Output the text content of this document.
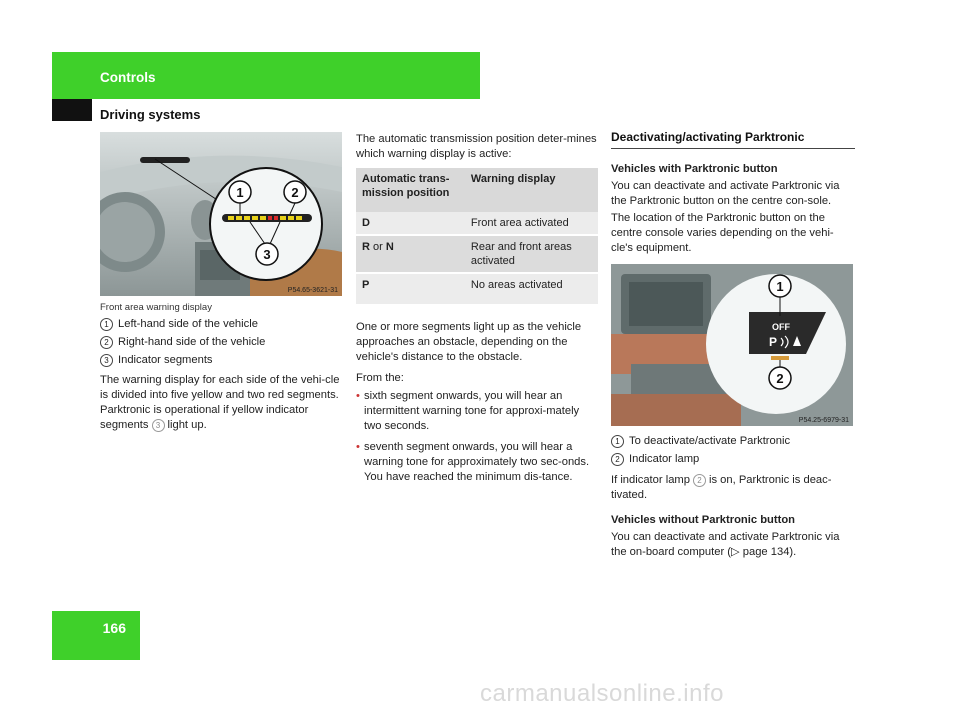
Controls
Driving systems
1	2
3
P54.65-3621-31
Front area warning display
1 Left-hand side of the vehicle
2 Right-hand side of the vehicle
3 Indicator segments
The warning display for each side of the vehi-cle is divided into five yellow and two red segments. Parktronic is operational if yellow indicator segments 3 light up.
The automatic transmission position deter-mines which warning display is active:
Automatic trans-mission position	Warning display
D	Front area activated
R or N	Rear and front areas activated
P	No areas activated
One or more segments light up as the vehicle approaches an obstacle, depending on the vehicle's distance to the obstacle.
From the:
• sixth segment onwards, you will hear an intermittent warning tone for approxi-mately two seconds.
• seventh segment onwards, you will hear a warning tone for approximately two sec-onds. You have reached the minimum dis-tance.
Deactivating/activating Parktronic
Vehicles with Parktronic button
You can deactivate and activate Parktronic via the Parktronic button on the centre con-sole.
The location of the Parktronic button on the centre console varies depending on the vehi-cle's equipment.
OFF
P
1
2
P54.25-6979-31
1 To deactivate/activate Parktronic
2 Indicator lamp
If indicator lamp 2 is on, Parktronic is deac-tivated.
Vehicles without Parktronic button
You can deactivate and activate Parktronic via the on-board computer (▷ page 134).
166
carmanualsonline.info
